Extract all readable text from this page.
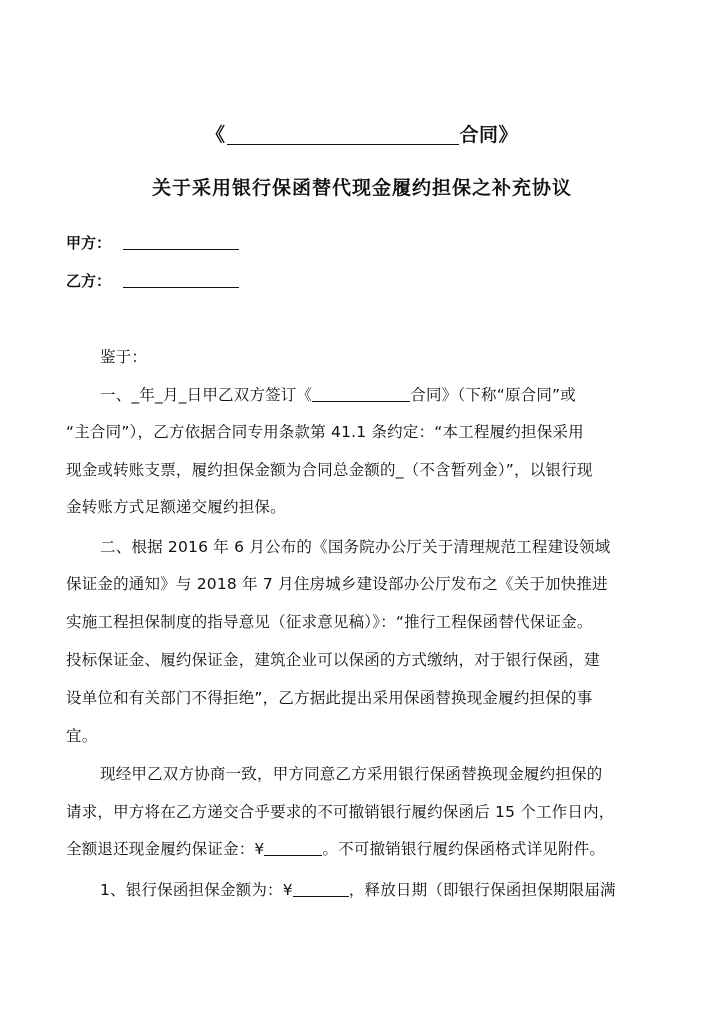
《	合同》
关于采用银行保函替代现金履约担保之补充协议
甲方：
乙方：
鉴于：
一、_年_月_日甲乙双方签订《	合同》（下称“原合同”或
“主合同”），乙方依据合同专用条款第 41.1 条约定：“本工程履约担保采用
现金或转账支票，履约担保金额为合同总金额的_（不含暂列金）”，以银行现
金转账方式足额递交履约担保。
二、根据 2016 年 6 月公布的《国务院办公厅关于清理规范工程建设领域
保证金的通知》与 2018 年 7 月住房城乡建设部办公厅发布之《关于加快推进
实施工程担保制度的指导意见（征求意见稿）》：“推行工程保函替代保证金。
投标保证金、履约保证金，建筑企业可以保函的方式缴纳，对于银行保函，建
设单位和有关部门不得拒绝”，乙方据此提出采用保函替换现金履约担保的事
宜。
现经甲乙双方协商一致，甲方同意乙方采用银行保函替换现金履约担保的
请求，甲方将在乙方递交合乎要求的不可撤销银行履约保函后 15 个工作日内，
全额退还现金履约保证金：¥	。不可撤销银行履约保函格式详见附件。
1、银行保函担保金额为：¥	，释放日期（即银行保函担保期限届满
